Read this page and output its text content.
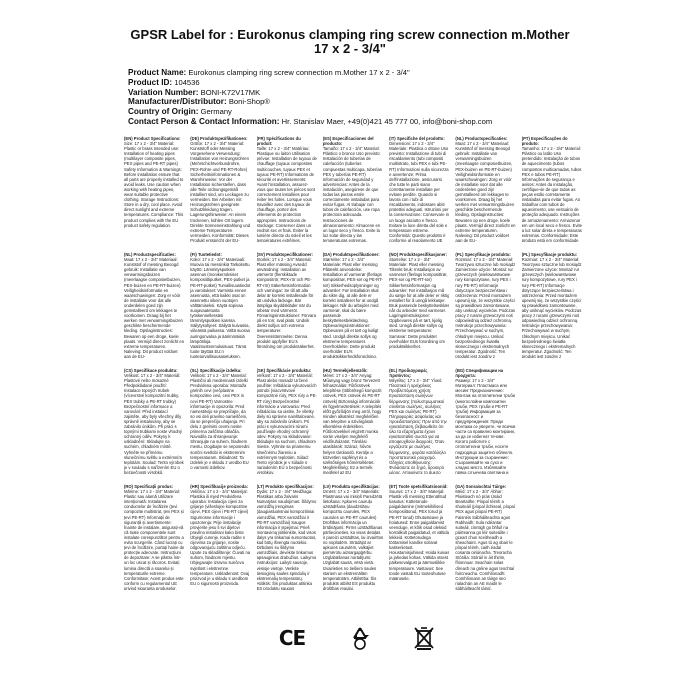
GPSR Label for : Eurokonus clamping ring screw connection m.Mother
17 x 2 - 3/4"
Product Name: Eurokonus clamping ring screw connection m.Mother 17 x 2 - 3/4"
Product ID: 104536
Variation Number: BONI-K72V17MK
Manufacturer/Distributor: Boni-Shop®
Country of Origin: Germany
Contact Person & Contact Information: Hr. Stanislav Maer, +49(0)421 45 777 00, info@boni-shop.com
(EN) Product Specifications:
Size: 17 x 2 - 3/4" Material: Plastic or brass Intended use: Installation of heating pipes (multilayer composite pipes, PEX pipes and PE-RT pipes) Safety Information & Warnings: Before installation ensure that all parts are properly installed to avoid leaks. Use caution when working with heating pipes, wear suitable protective clothing. Storage Instructions: Store in a dry, cool place. Avoid direct sunlight and extreme temperatures. Compliance: This product complies with the EU product safety regulation.
(DE) Produktspezifikationen:
Größe: 17 x 2 - 3/4" Material: Kunststoff oder Messing Vorgesehene Verwendung: Installation von Heizungsrohren (Mehrschichtverbundrohre, PEX-Rohre und PE-RT-Rohre) Sicherheitsinformationen & Warnhinweise: Vor der Installation sicherstellen, dass alle Teile ordnungsgemäß installiert sind, um Leckagen zu vermeiden. Bei Arbeiten mit Heizungsrohren geeignete Schutzkleidung tragen. Lagerungshinweise: An einem trockenen, kühlen Ort lagern. Direkte Sonneneinstrahlung und extreme Temperaturen vermeiden. Konformität: Dieses Produkt entspricht der EU-
(FR) Spécifications du produit:
Taille: 17 x 2 - 3/4" Matériau: Plastique ou laiton Utilisation prévue: Installation de tuyaux de chauffage (tuyaux composites multicouches, tuyaux PEX et tuyaux PE-RT) Informations de sécurité et avertissements: Avant l'installation, assurez-vous que toutes les pièces sont correctement installées pour éviter les fuites. Lorsque vous travaillez avec des tuyaux de chauffage, portez des vêtements de protection appropriés. Instructions de stockage: Conserver dans un endroit sec et frais. Éviter la lumière directe du soleil et les températures extrêmes.
(ES) Especificaciones del producto:
Tamaño: 17 x 2 - 3/4" Material: Plástico o bronce Uso previsto: Instalación de tuberías de calefacción (tuberías compuestas multicapa, tuberías PEX y tuberías PE-RT) Información de seguridad y advertencias: Antes de la instalación, asegúrese de que todas las piezas estén correctamente instaladas para evitar fugas. Al trabajar con tubos de calefacción, use ropa protectora adecuada. Instrucciones de almacenamiento: Almacene en un lugar seco y fresco. Evite la luz solar directa y las temperaturas extremas.
(IT) Specifiche del prodotto:
Dimensioni: 17 x 2 - 3/4" Materiale: Plastica o ottone Uso previsto: Installazione di tubi di riscaldamento (tubi compositi multistrato, tubi PEX e tubi PE-RT) Informazioni sulla sicurezza e avvertenze: Prima dell'installazione, assicurarsi che tutte le parti siano correttamente installate per evitare perdite. Quando si lavora con i tubi di riscaldamento, indossare abiti protettivi adeguati. Istruzioni per la conservazione: Conservare in un luogo asciutto e fresco. Evitare la luce diretta del sole e temperature estreme. Conformità: Questo prodotto è conforme al regolamento UE
(NL) Productspecificaties:
Maat: 17 x 2 - 3/4" Materiaal: Kunststof of messing Beoogd gebruik: Installatie van verwarmingsbuizen (meerlaagse composietbuizen, PEX-buizen en PE-RT-buizen) Veiligheidsinformatie en waarschuwingen: Zorg er vóór de installatie voor dat alle onderdelen goed zijn geïnstalleerd om lekkages te voorkomen. Draag bij het werken met verwarmingsbuizen geschikte beschermende kleding. Opslaginstructies: Bewaren op een droge, koele plaats. Vermijd direct zonlicht en extreme temperaturen. Naleving: Dit product voldoet aan de EU-
(PT) Especificações do produto:
Tamanho: 17 x 2 - 3/4" Material: Plástico ou latão Uso pretendido: Instalação de tubos de aquecimento (tubos compostos multicamadas, tubos PEX e tubos PE-RT) Informações de segurança e avisos: Antes da instalação, certifique-se de que todas as peças estão corretamente instaladas para evitar fugas. Ao trabalhar com tubos de aquecimento, use vestuário de proteção adequado. Instruções de armazenamento: Armazenar em um local seco e fresco. Evite a luz solar direta e temperaturas extremas. Conformidade: Este produto está em conformidade
(NL) Productspecificaties:
Maat: 17 x 2 - 3/4" Materiaal: Kunststof of messing Beoogd gebruik: Installatie van verwarmingsbuizen (meerlaagse composietbuizen, PEX-buizen en PE-RT-buizen) Veiligheidsinformatie en waarschuwingen: Zorg er vóór de installatie voor dat alle onderdelen goed zijn geïnstalleerd om lekkages te voorkomen. Draag bij het werken met verwarmingsbuizen geschikte beschermende kleding. Opslaginstructies: Bewaren op een droge, koele plaats. Vermijd direct zonlicht en extreme temperaturen. Naleving: Dit product voldoet aan de EU-
(FI) Tuotetiedot:
Koko: 17 x 2 - 3/4" Materiaali: Muovia tai messinkiä Tarkoitettu käyttö: Lämmitysputkien asennus (monikerroksiset komposiittiputket, PEX-putket ja PE-RT-putket) Turvallisuustiedot ja varoitukset: Varmista ennen asennusta, että kaikki osat on asennettu oikein vuotojen välttämiseksi. Käytä sopivaa suojavaatetusta työskennellessäsi lämmitysputkien kanssa. Säilytysohjeet: Säilytä kuivassa, viileässä paikassa. Vältä suoraa auringonvaloa ja äärimmäisiä lämpötiloja. Vaatimustenmukaisuus: Tämä tuote täyttää EU:n tuoteturvallisuusasetuksen.
(SV) Produktspecifikationer:
Storlek: 17 x 2 - 3/4" Material: Plast eller mässing Avsedd användning: Installation av värmerör (flerskiktade kompositrör, PEX-rör och PE-RT-rör) Säkerhetsinformation och varningar: Se till att alla delar är korrekt installerade för att undvika läckage. Bär lämpliga skyddskläder när du arbetar med värmerör. Förvaringsinstruktioner: Förvara på en torr, sval plats. Undvik direkt solljus och extrema temperaturer. Överensstämmelse: Denna produkt uppfyller EU:s förordning om produktsäkerhet.
(DA) Produktspecifikationer:
Størrelse: 17 x 2 - 3/4" Materiale: Plast eller messing Påtænkt anvendelse: Installation af varmerør (flerlags kompositrør, PEX-rør og PE-RT-rør) Sikkerhedsoplysninger og advarsler: Før installation skal du sikre dig, at alle dele er korrekt installeret for at undgå lækager. Når du arbejder med varmerør, skal du bære passende beskyttelsesbeklædning. Opbevaringsinstruktioner: Opbevares på et tørt og køligt sted. Undgå direkte sollys og ekstreme temperaturer. Overholdelse: Dette produkt overholder EU's produktsikkerhedsforordning.
(NO) Produktspesifikasjoner:
Størrelse: 17 x 2 - 3/4" Materiale: Plast eller messing Tiltenkt bruk: Installasjon av varmerør (flerlags komposittrør, PEX-rør og PE-RT-rør) Sikkerhetsinformasjon og advarsler: Før installasjon må du sørge for at alle deler er riktig installert for å unngå lekkasjer. Bruk passende beskyttelsesklær når du arbeider med varmerør. Lagringsinstruksjoner: Oppbevares på et tørt, kjølig sted. Unngå direkte sollys og ekstreme temperaturer. Samsvar: Dette produktet overholder EUs forordning om produktsikkerhet.
(PL) Specyfikacje produktu:
Rozmiar: 17 x 2 - 3/4" Materiał: Tworzywo sztuczne lub mosiądz Zamierzone użycie: Montaż rur grzewczych (wielowarstwowe rury kompozytowe, rury PEX i rury PE-RT) Informacje dotyczące bezpieczeństwa i ostrzeżenia: Przed montażem upewnij się, że wszystkie części są prawidłowo zamontowane, aby uniknąć wycieków. Podczas pracy z rurami grzewczymi noś odpowiednią odzież ochronną. Instrukcje przechowywania: Przechowywać w suchym, chłodnym miejscu. Unikać bezpośredniego światła słonecznego i ekstremalnych temperatur. Zgodność: Ten produkt jest zgodny z
(PL) Specyfikacje produktu:
Rozmiar: 17 x 2 - 3/4" Materiał: Tworzywo sztuczne lub mosiądz Zamierzone użycie: Montaż rur grzewczych (wielowarstwowe rury kompozytowe, rury PEX i rury PE-RT) Informacje dotyczące bezpieczeństwa i ostrzeżenia: Przed montażem upewnij się, że wszystkie części są prawidłowo zamontowane, aby uniknąć wycieków. Podczas pracy z rurami grzewczymi noś odpowiednią odzież ochronną. Instrukcje przechowywania: Przechowywać w suchym, chłodnym miejscu. Unikać bezpośredniego światła słonecznego i ekstremalnych temperatur. Zgodność: Ten produkt jest zgodny z
(CS) Specifikace produktu:
Velikost: 17 x 2 - 3/4" Materiál: Plastové nebo mosazné Předpokládané použití: Instalace topných trubek (vícevrstvé kompozitní trubky, PEX trubky a PE-RT trubky) Bezpečnostní informace a varování: Před instalací zajistěte, aby byly všechny díly správně instalovány, aby se zabránilo únikům. Při práci s topnými trubkami noste vhodný ochranný oděv. Pokyny k uskladnění: Skladujte na suchém, chladném místě. Vyhněte se přímému slunečnímu světlu a extrémním teplotám. Soulad: Tento výrobek je v souladu s nařízením EU o bezpečnosti výrobků.
(SL) Specifikacije izdelka:
Velikost: 17 x 2 - 3/4" Material: Plastični ali medeninasti izdelki Predvidena uporaba: Montaža grelnih cevi (večplastne kompozitne cevi, cevi PEX in cevi PE-RT) Varnostne informacije in opozorila: Pred namestitvijo se prepričajte, da so vsi deli pravilno nameščeni, da se preprečijo uhajanja. Pri delu z grelnimi cevmi nosite primerna zaščitna oblačila. Navodila za shranjevanje: Shranjujte na suhem, hladnem mestu. Izogibajte se neposredni sončni svetlobi in ekstremnim temperaturam. Skladnost: Ta izdelek je v skladu z uredbo EU o varnosti izdelkov.
(SK) Špecifikácie produktu:
Veľkosť: 17 x 2 - 3/4" Materiál: Plast alebo mosadz Určené použitie: Inštalácia vykurovacích potrubí (viacvrstvové kompozitné rúry, PEX rúry a PE-RT rúry) Bezpečnostné informácie a varovania: Pred inštaláciou sa uistite, že všetky diely sú správne nainštalované, aby sa zabránilo únikom. Pri práci s vykurovacími rúrami používajte vhodný ochranný odev. Pokyny na skladovanie: Skladujte na suchom, chladnom mieste. Vyhnite sa priamemu slnečnému žiareniu a extrémnym teplotám. Súlad: Tento výrobok je v súlade s nariadením EÚ o bezpečnosti výrobkov.
(HU) Termékjellemzők:
Méret: 17 x 2 - 3/4" Anyag: Műanyag vagy bronz Tervezett felhasználás: Fűtőcsövek telepítése (többrétegű kompozit csövek, PEX csövek és PE-RT csövek) Biztonsági információk és figyelmeztetések: A telepítés előtt győződjön meg arról, hogy minden alkatrész megfelelően van telepítve a szivárgások elkerülése érdekében. Fűtőcsövekkel végzett munka során viseljen megfelelő védőruházatot. Tárolási utasítások: Száraz, hűvös helyen tárolandó. Kerülje a közvetlen napfényt és a szélsőséges hőmérsékletet. Megfelelőség: Ez a termék megfelel az EU
(EL) Προδιαγραφές προϊόντος:
Μέγεθος: 17 x 2 - 3/4" Υλικό: Πλαστικό ή ορείχαλκος Προβλεπόμενη χρήση: Εγκατάσταση σωλήνων θέρμανσης (πολυστρωματικοί σύνθετοι σωλήνες, σωλήνες PEX και σωλήνες PE-RT) Πληροφορίες ασφαλείας και προειδοποιήσεις: Πριν από την εγκατάσταση, βεβαιωθείτε ότι όλα τα εξαρτήματα έχουν εγκατασταθεί σωστά για να αποφευχθούν διαρροές. Όταν εργάζεστε με σωλήνες θέρμανσης, φοράτε κατάλληλο προστατευτικό ρουχισμό. Οδηγίες αποθήκευσης: Φυλάσσετε σε ξηρό, δροσερό μέρος. Αποφύγετε το άμεσο
(BG) Спецификации на продукта:
Размер: 17 x 2 - 3/4" Материал: Пластмаса или месинг Предназначение: Монтаж на отоплителни тръби (многослойни композитни тръби, PEX тръби и PE-RT тръби) Информация за безопасност и предупреждения: Преди монтажа се уверете, че всички части са правилно монтирани, за да се избегнат течове. Когато работите с отоплителни тръби, носете подходящо защитно облекло. Инструкции за съхранение: Съхранявайте на сухо и хладно място. Избягвайте пряка слънчева светлина и
(RO) Specificații produs:
Mărime: 17 x 2 - 3/4" Material: Plastic sau alamă Utilizare intenționată: Instalarea conductelor de încălzire (țevi compozite multistrat, țevi PEX și țevi PE-RT) Informații de siguranță și avertismente: Înainte de instalare, asigurați-vă că toate componentele sunt instalate corespunzător pentru a evita scurgerile. Când lucrați cu țevi de încălzire, purtați haine de protecție adecvate. Instrucțiuni de depozitare: A se păstra într-un loc uscat și răcoros. Evitați lumina directă a soarelui și temperaturile extreme. Conformitate: Acest produs este conform cu regulamentul UE privind siguranța produselor.
(HR) Specifikacije proizvoda:
Veličina: 17 x 2 - 3/4" Materijal: Plastika ili mjed Predviđena uporaba: Instalacija cijevi za grijanje (višeslojne kompozitne cijevi, PEX cijevi i PE-RT cijevi) Sigurnosne informacije i upozorenja: Prije instalacije provjerite jesu li svi dijelovi pravilno instalirani kako biste izbjegli curenje. Kada radite s cijevima za grijanje, nosite odgovarajuću zaštitnu odjeću. Upute za skladištenje: Čuvati na suhom, hladnom mjestu. Izbjegavajte izravnu sunčevu svjetlost i ekstremne temperature. Usklađenost: Ovaj proizvod je u skladu s uredbom EU o sigurnosti proizvoda.
(LT) Produkto specifikacijos:
Dydis: 17 x 2 - 3/4" Medžiaga: Plastikas arba žalvaris Numatytas naudojimas: Šildymo vamzdžių įrengimas (daugiasluoksniai kompozitiniai vamzdžiai, PEX vamzdžiai ir PE-RT vamzdžiai) Saugos informacija ir įspėjimai: Prieš montavimą įsitikinkite, kad visos dalys yra tinkamai sumontuotos, kad būtų išvengta nuotėkio. Dirbdami su šildymo vamzdžiais, dėvėkite tinkamus apsauginius drabužius. Laikymo instrukcijos: Laikyti sausoje, vėsioje vietoje. Venkite tiesioginių saulės spindulių ir ekstremalių temperatūrų. Atitiktis: Šis produktas atitinka ES produktų saugos
(LV) Produkta specifikācijas:
Izmērs: 17 x 2 - 3/4" Materiāls: Plastmasa vai misiņš Paredzētā lietošana: Apkures cauruļu uzstādīšana (daudzslāņu kompozītu caurules, PEX caurules un PE-RT caurules) Drošības informācija un brīdinājumi: Pirms uzstādīšanas pārliecinieties, ka visas detaļas ir pareizi uzstādītas, lai izvairītos no noplūdēm. Strādājot ar apkures caurulēm, valkājiet piemērotu aizsargapģērbu. Uzglabāšanas norādījumi: Uzglabāt sausā, vēsā vietā. Izvairieties no tiešiem saules stariem un ekstremālām temperatūrām. Atbilstība: Šis produkts atbilst ES produktu drošības regulai.
(ET) Toote spetsifikatsioonid:
Suurus: 17 x 2 - 3/4" Materjal: Plastik või messing Ettenähtud kasutus: Küttetorude paigaldamine (mitmekihilised komposiittorud, PEX torud ja PE-RT torud) Ohutusteave ja hoiatused: Enne paigaldamist veenduge, et kõik osad oleksid korralikult paigaldatud, et vältida lekkeid. Küttetorudega töötamisel kandke sobivat kaitseriietust. Hoiustamisjuhised: Hoida kuivas ja jahedas kohas. Vältida otsest päikesevalgust ja äärmuslikke temperatuure. Vastavus: See toode vastab ELi tooteohutuse määrusele.
(GA) Sonraíochtaí Táirge:
Méid: 17 x 2 - 3/4" Ábhar: Plaisteach nó prás Úsáid Beartaithe: Píopaí téimh a shuiteáil (píopaí ilchiseal, píopaí PEX agus píopaí PE-RT) Faisnéis Sábháilteachta agus Rabhaidh: Sula ndéantar suiteáil, cinntigh go bhfuil na páirteanna go léir suiteáilte i gceart chun sceitheadh a sheachaint. Agus tú ag obair le píopaí téimh, caith éadaí cosanta oiriúnacha. Treoracha Stórála: Stóráil in áit thirim, fhionnuar. Seachain solas díreach na gréine agus teochtaí foircneacha. Comhlíonadh: Comhlíonann an táirge seo rialachán an AE maidir le sábháilteacht táirgí.
CE
